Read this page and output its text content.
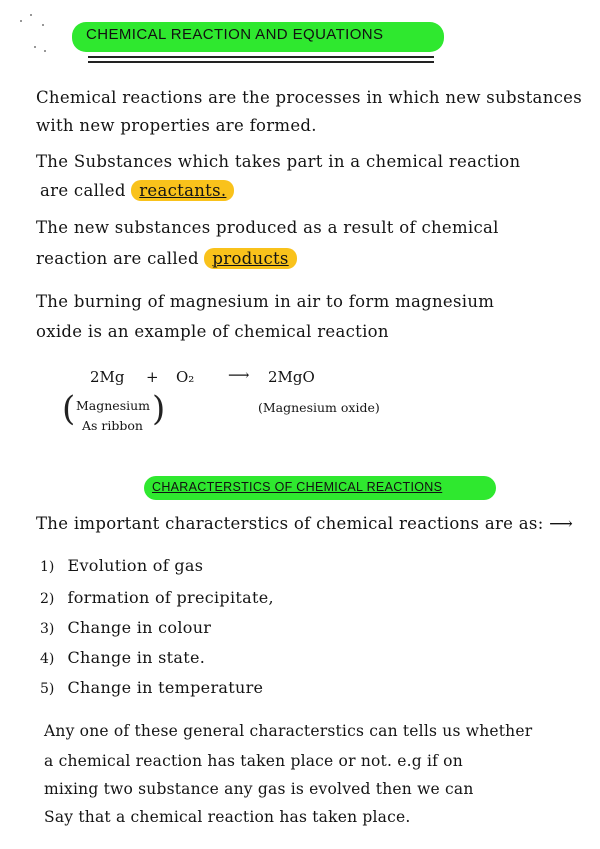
CHEMICAL REACTION AND EQUATIONS
Chemical reactions are the processes in which new substances
with new properties are formed.
The Substances which takes part in a chemical reaction
are called reactants.
The new substances produced as a result of chemical
reaction are called products
The burning of magnesium in air to form magnesium
oxide is an example of chemical reaction
2Mg + O₂ ⟶ 2MgO
( Magnesium
As ribbon )	(Magnesium oxide)
CHARACTERSTICS OF CHEMICAL REACTIONS
The important characterstics of chemical reactions are as: ⟶
1) Evolution of gas
2) formation of precipitate,
3) Change in colour
4) Change in state.
5) Change in temperature
Any one of these general characterstics can tells us whether
a chemical reaction has taken place or not. e.g if on
mixing two substance any gas is evolved then we can
Say that a chemical reaction has taken place.
